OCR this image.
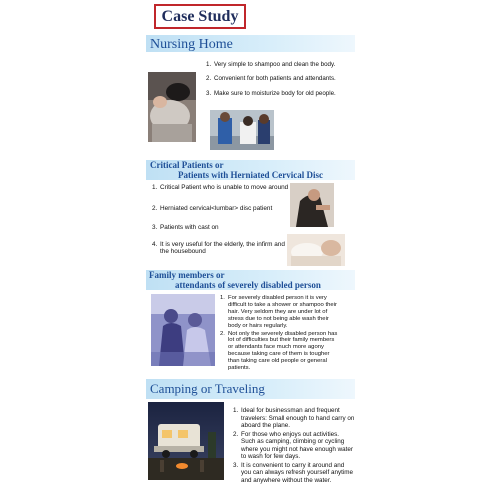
Case Study
Nursing Home
1. Very simple to shampoo and clean the body.
2. Convenient for both patients and attendants.
3. Make sure to moisturize body for old people.
Critical Patients or
Patients with Herniated Cervical Disc
1. Critical Patient who is unable to move around
2. Herniated cervical<lumbar> disc patient
3. Patients with cast on
4. It is very useful for the elderly, the infirm and the housebound
Family members or
attendants of severely disabled person
1. For severely disabled person it is very difficult to take a shower or shampoo their hair. Very seldom they are under lot of stress due to not being able wash their body or hairs regularly.
2. Not only the severely disabled person has lot of difficulties but their family members or attendants face much more agony because taking care of them is tougher than taking care old people or general patients.
Camping or Traveling
1. Ideal for businessman and frequent travelers: Small enough to hand carry on aboard the plane.
2. For those who enjoys out activities. Such as camping, climbing or cycling where you might not have enough water to wash for few days.
3. It is convenient to carry it around and you can always refresh yourself anytime and anywhere without the water.
